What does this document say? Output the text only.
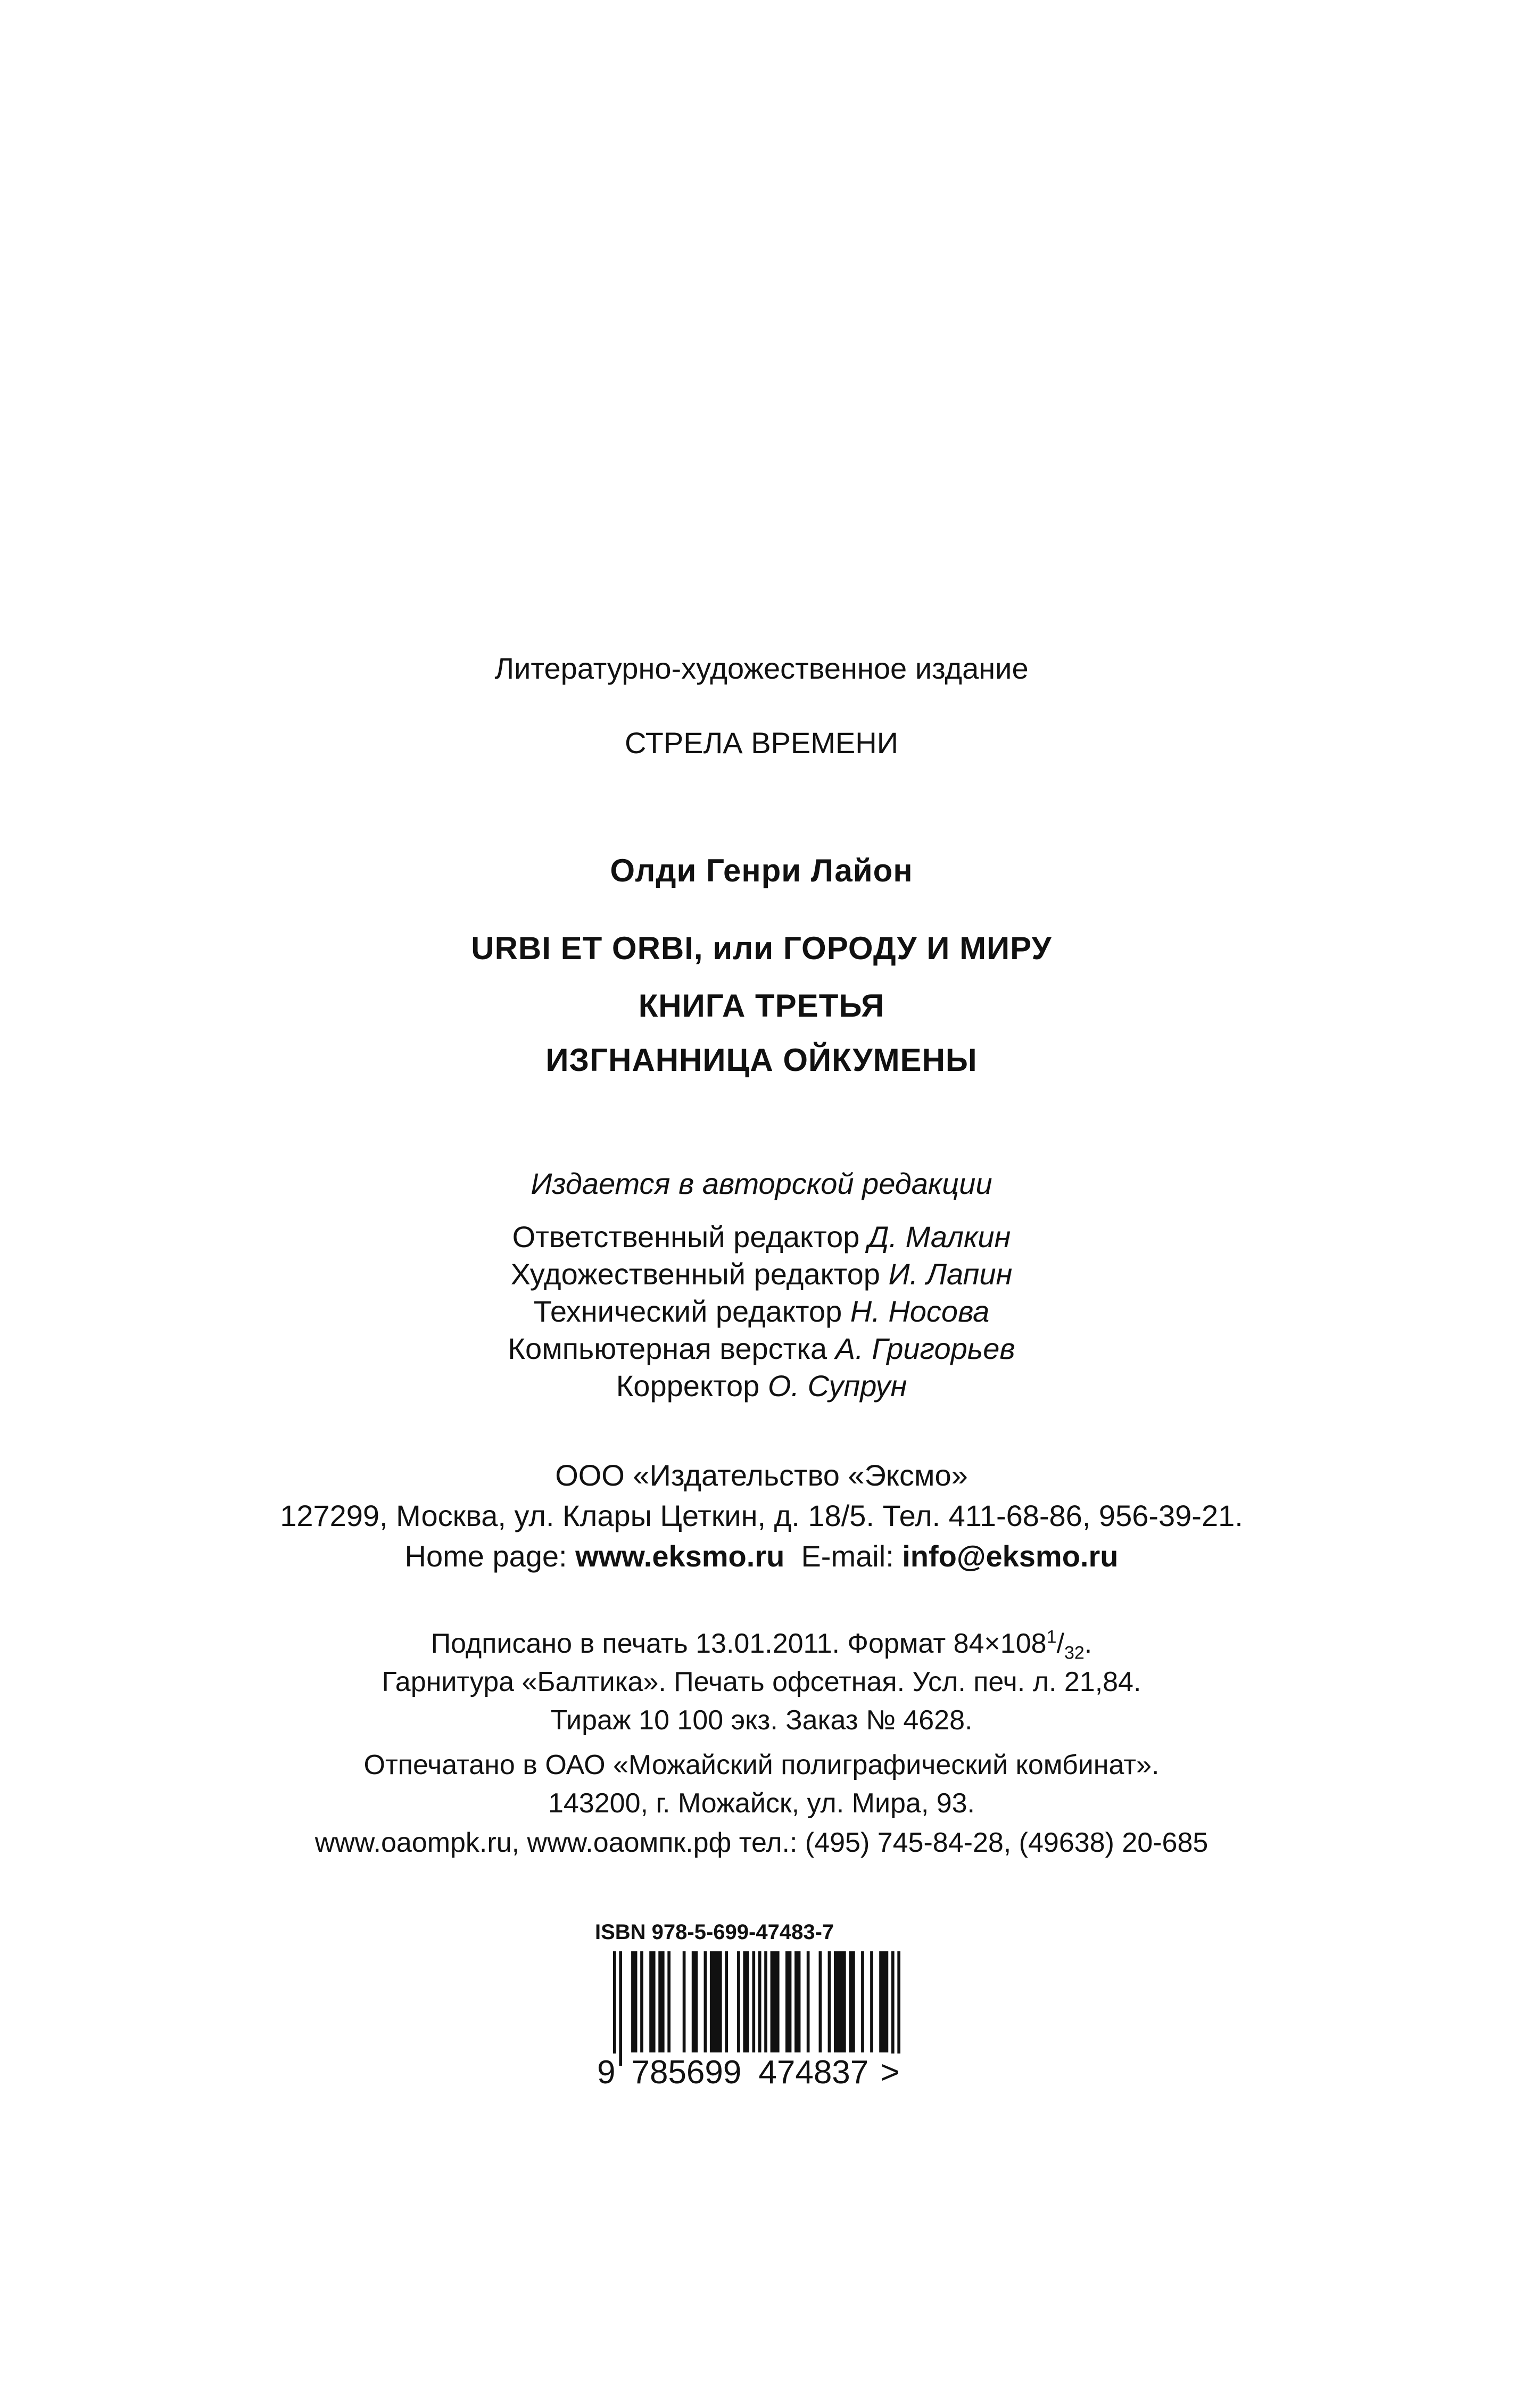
Литературно-художественное издание
СТРЕЛА ВРЕМЕНИ
Олди Генри Лайон
URBI ET ORBI, или ГОРОДУ И МИРУ
КНИГА ТРЕТЬЯ
ИЗГНАННИЦА ОЙКУМЕНЫ
Издается в авторской редакции
Ответственный редактор Д. Малкин
Художественный редактор И. Лапин
Технический редактор Н. Носова
Компьютерная верстка А. Григорьев
Корректор О. Супрун
ООО «Издательство «Эксмо»
127299, Москва, ул. Клары Цеткин, д. 18/5. Тел. 411-68-86, 956-39-21.
Home page: www.eksmo.ru E-mail: info@eksmo.ru
Подписано в печать 13.01.2011. Формат $84\times 108^1/_{32}$.
Гарнитура «Балтика». Печать офсетная. Усл. печ. л. 21,84.
Тираж 10 100 экз. Заказ № 4628.
Отпечатано в ОАО «Можайский полиграфический комбинат».
143200, г. Можайск, ул. Мира, 93.
www.oaompk.ru, www.оаомпк.рф тел.: (495) 745-84-28, (49638) 20-685
ISBN 978-5-699-47483-7
9 785699 474837 >
